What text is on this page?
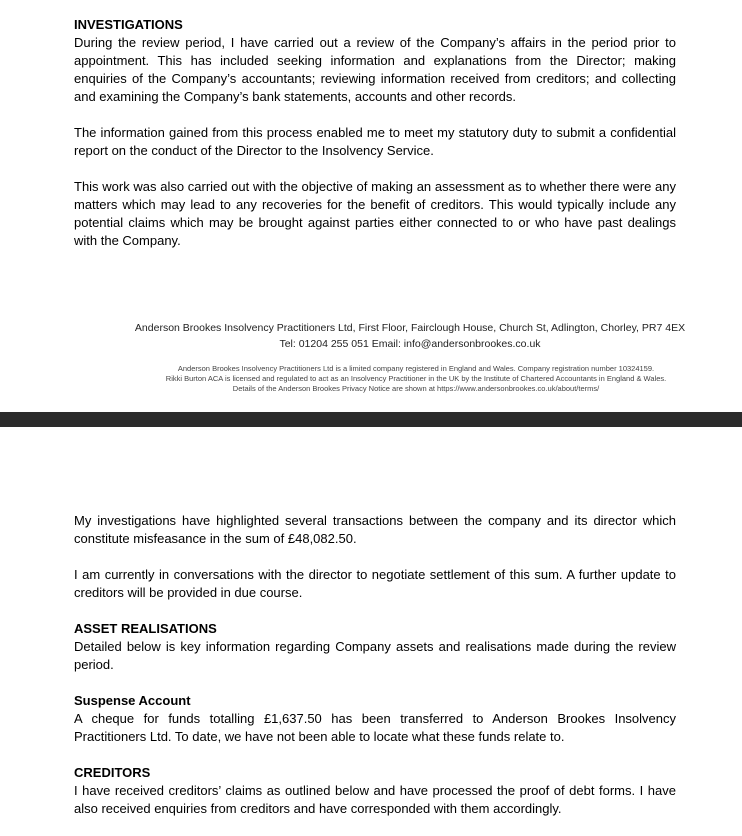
INVESTIGATIONS

During the review period, I have carried out a review of the Company’s affairs in the period prior to appointment. This has included seeking information and explanations from the Director; making enquiries of the Company’s accountants; reviewing information received from creditors; and collecting and examining the Company’s bank statements, accounts and other records.

The information gained from this process enabled me to meet my statutory duty to submit a confidential report on the conduct of the Director to the Insolvency Service.

This work was also carried out with the objective of making an assessment as to whether there were any matters which may lead to any recoveries for the benefit of creditors. This would typically include any potential claims which may be brought against parties either connected to or who have past dealings with the Company.

Anderson Brookes Insolvency Practitioners Ltd, First Floor, Fairclough House, Church St, Adlington, Chorley, PR7 4EX
Tel: 01204 255 051 Email: info@andersonbrookes.co.uk
Anderson Brookes Insolvency Practitioners Ltd is a limited company registered in England and Wales. Company registration number 10324159.
Rikki Burton ACA is licensed and regulated to act as an Insolvency Practitioner in the UK by the Institute of Chartered Accountants in England & Wales.
Details of the Anderson Brookes Privacy Notice are shown at https://www.andersonbrookes.co.uk/about/terms/

My investigations have highlighted several transactions between the company and its director which constitute misfeasance in the sum of £48,082.50.

I am currently in conversations with the director to negotiate settlement of this sum. A further update to creditors will be provided in due course.

ASSET REALISATIONS

Detailed below is key information regarding Company assets and realisations made during the review period.

Suspense Account

A cheque for funds totalling £1,637.50 has been transferred to Anderson Brookes Insolvency Practitioners Ltd. To date, we have not been able to locate what these funds relate to.

CREDITORS

I have received creditors’ claims as outlined below and have processed the proof of debt forms. I have also received enquiries from creditors and have corresponded with them accordingly.
